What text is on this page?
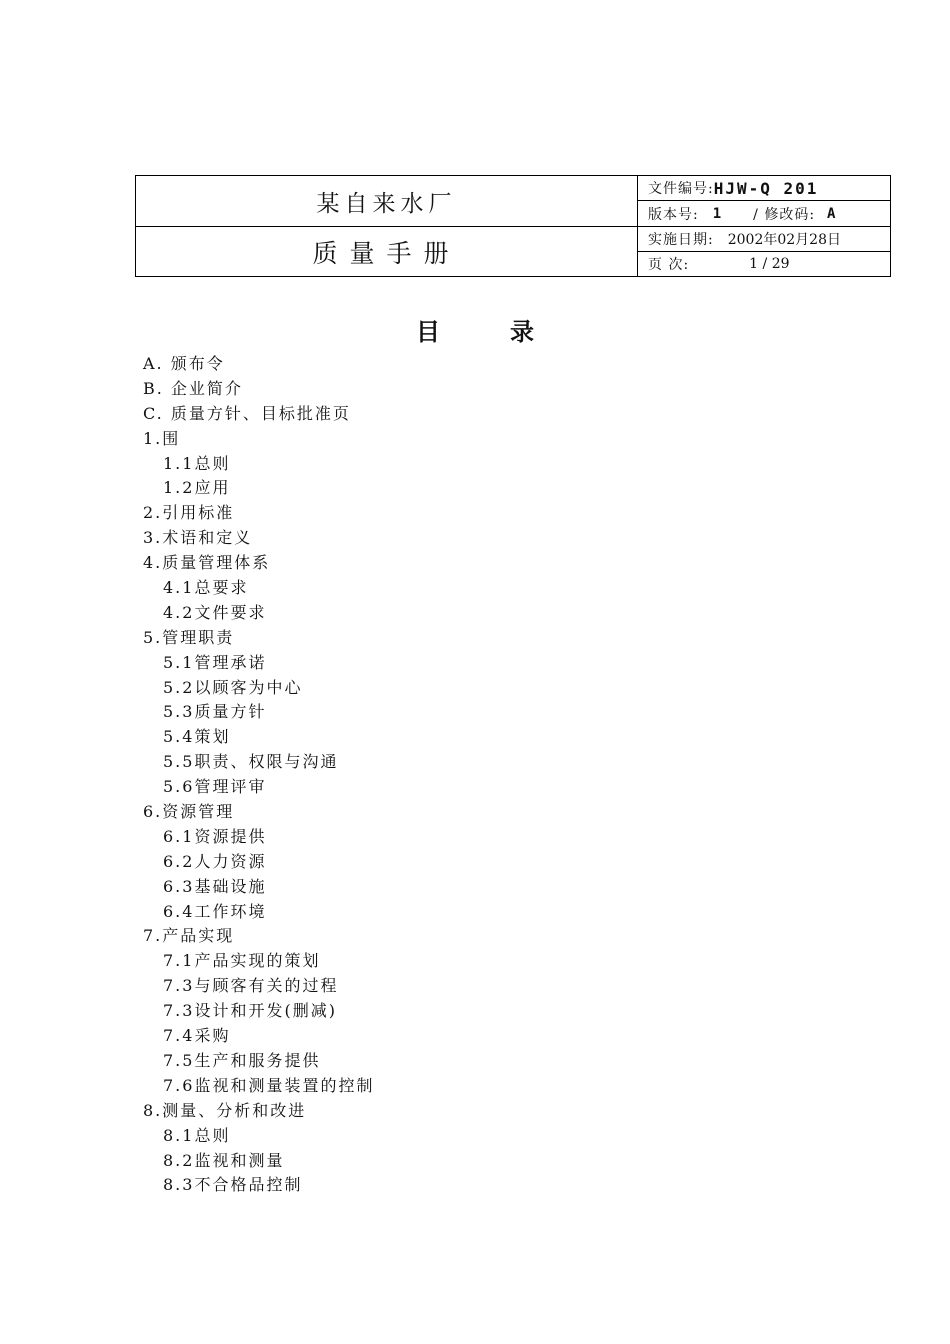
某自来水厂
质量手册
文件编号: HJW-Q 201
版本号: 1 / 修改码: A
实施日期: 2002年02月28日
页 次:	1 / 29
目录
A. 颁布令
B. 企业简介
C. 质量方针、目标批准页
1.围
1.1总则
1.2应用
2.引用标准
3.术语和定义
4.质量管理体系
4.1总要求
4.2文件要求
5.管理职责
5.1管理承诺
5.2以顾客为中心
5.3质量方针
5.4策划
5.5职责、权限与沟通
5.6管理评审
6.资源管理
6.1资源提供
6.2人力资源
6.3基础设施
6.4工作环境
7.产品实现
7.1产品实现的策划
7.3与顾客有关的过程
7.3设计和开发(删减)
7.4采购
7.5生产和服务提供
7.6监视和测量装置的控制
8.测量、分析和改进
8.1总则
8.2监视和测量
8.3不合格品控制
